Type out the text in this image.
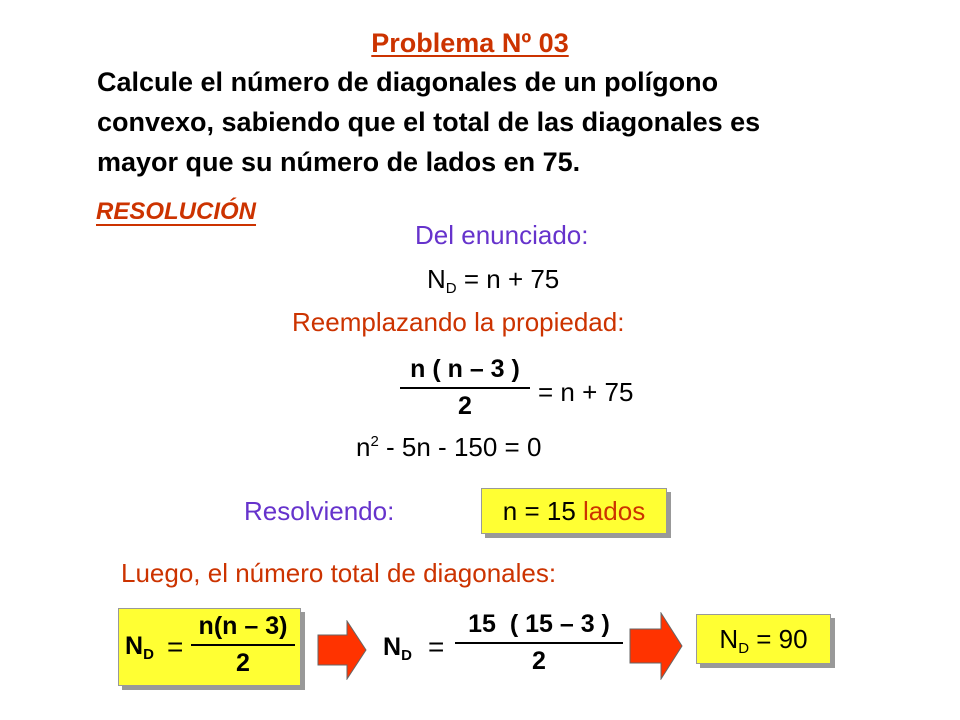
Problema Nº 03
Calcule el número de diagonales de un polígono
convexo, sabiendo que el total de las diagonales es
mayor que su número de lados en 75.
RESOLUCIÓN
Del enunciado:
$N_D = n + 75$
Reemplazando la propiedad:
n ( n – 3 )
2	= n + 75
$n^2 - 5n - 150 = 0$
Resolviendo:	n = 15 lados
Luego, el número total de diagonales:
$N_D$ =
n(n – 3)
2
$N_D$ =
15  ( 15 – 3 )
2
$N_D = 90$
